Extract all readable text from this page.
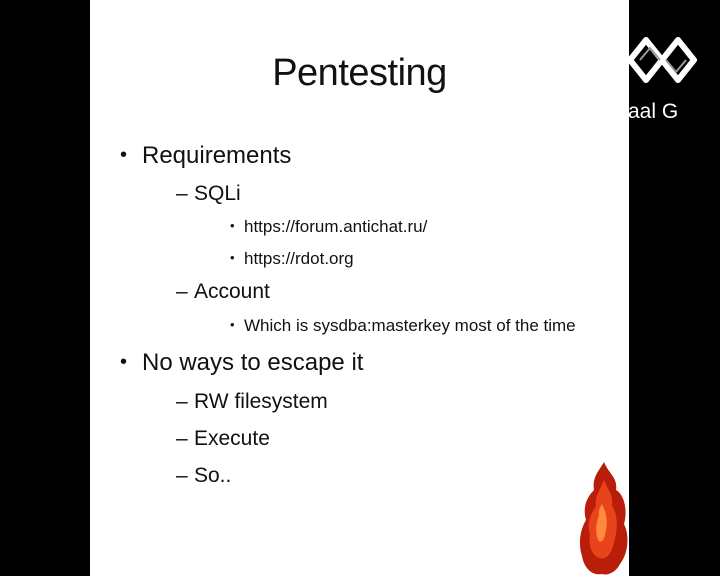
Pentesting
• Requirements
– SQLi
• https://forum.antichat.ru/
• https://rdot.org
– Account
• Which is sysdba:masterkey most of the time
• No ways to escape it
– RW filesystem
– Execute
– So..
aal G
